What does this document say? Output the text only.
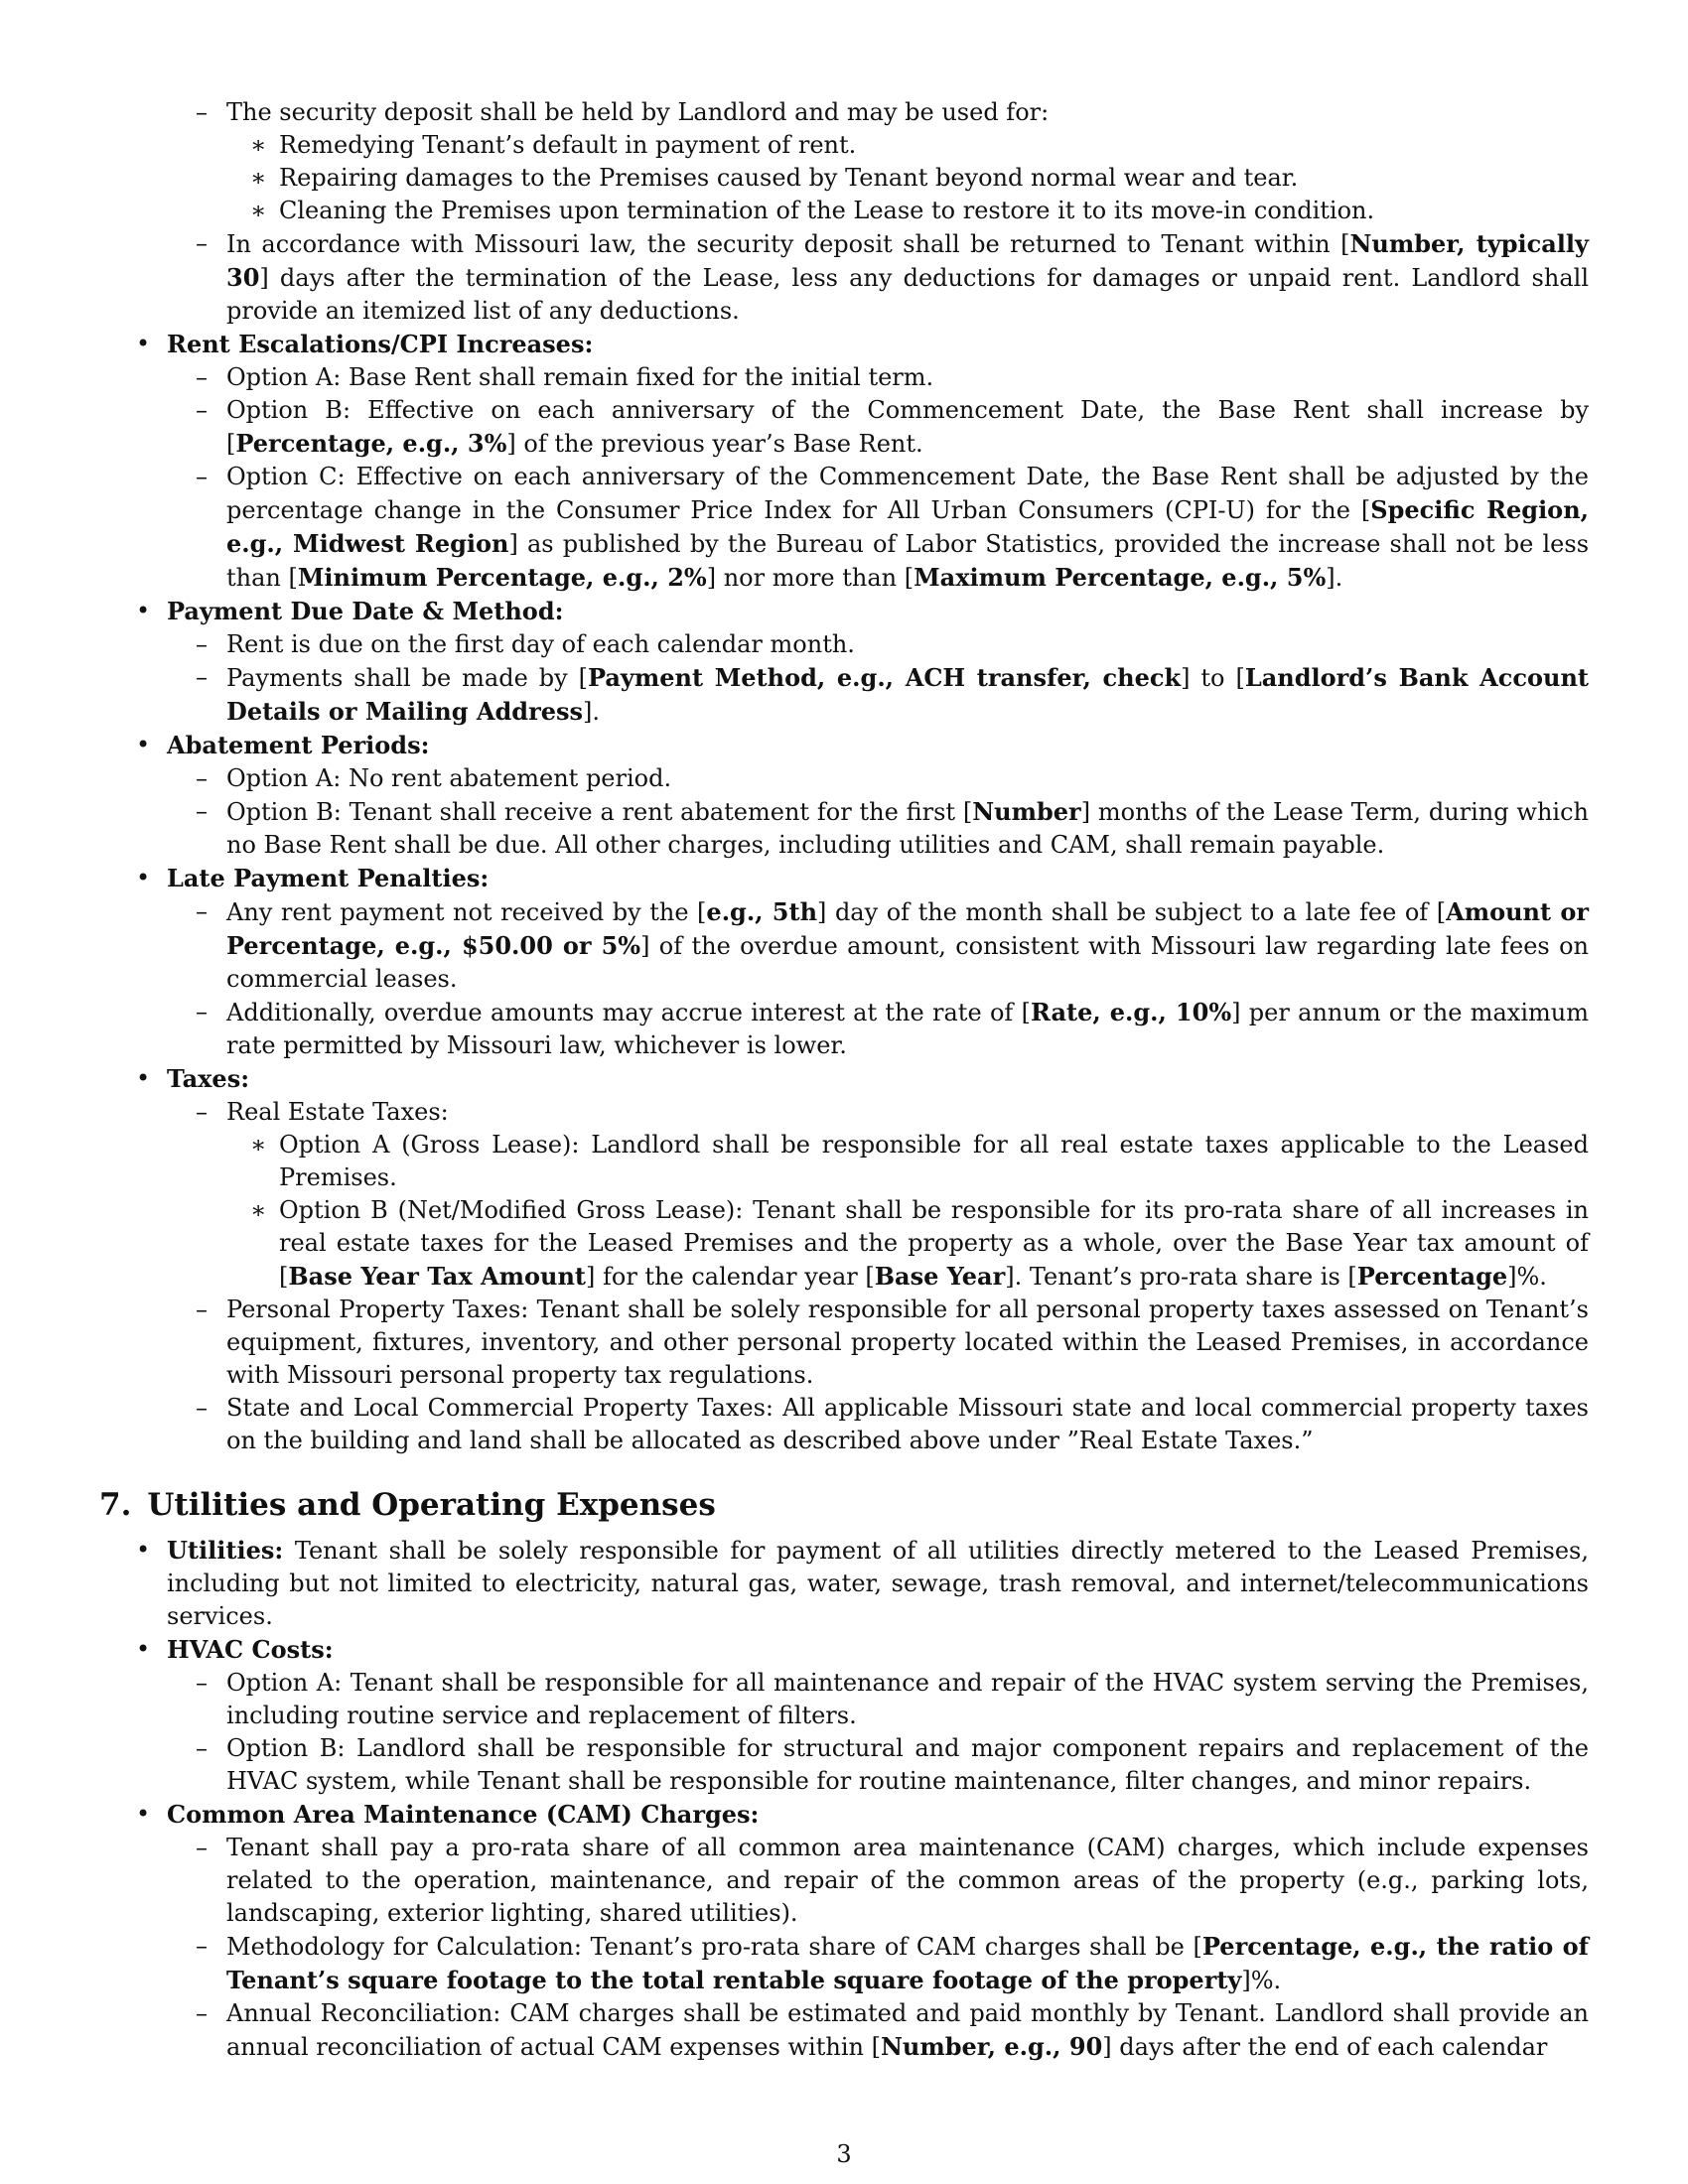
– The security deposit shall be held by Landlord and may be used for:
∗ Remedying Tenant’s default in payment of rent.
∗ Repairing damages to the Premises caused by Tenant beyond normal wear and tear.
∗ Cleaning the Premises upon termination of the Lease to restore it to its move-in condition.
– In accordance with Missouri law, the security deposit shall be returned to Tenant within [Number, typically 30] days after the termination of the Lease, less any deductions for damages or unpaid rent. Landlord shall provide an itemized list of any deductions.
• Rent Escalations/CPI Increases:
– Option A: Base Rent shall remain fixed for the initial term.
– Option B: Effective on each anniversary of the Commencement Date, the Base Rent shall increase by [Percentage, e.g., 3%] of the previous year’s Base Rent.
– Option C: Effective on each anniversary of the Commencement Date, the Base Rent shall be adjusted by the percentage change in the Consumer Price Index for All Urban Consumers (CPI-U) for the [Specific Region, e.g., Midwest Region] as published by the Bureau of Labor Statistics, provided the increase shall not be less than [Minimum Percentage, e.g., 2%] nor more than [Maximum Percentage, e.g., 5%].
• Payment Due Date & Method:
– Rent is due on the first day of each calendar month.
– Payments shall be made by [Payment Method, e.g., ACH transfer, check] to [Landlord’s Bank Account Details or Mailing Address].
• Abatement Periods:
– Option A: No rent abatement period.
– Option B: Tenant shall receive a rent abatement for the first [Number] months of the Lease Term, during which no Base Rent shall be due. All other charges, including utilities and CAM, shall remain payable.
• Late Payment Penalties:
– Any rent payment not received by the [e.g., 5th] day of the month shall be subject to a late fee of [Amount or Percentage, e.g., $50.00 or 5%] of the overdue amount, consistent with Missouri law regarding late fees on commercial leases.
– Additionally, overdue amounts may accrue interest at the rate of [Rate, e.g., 10%] per annum or the maximum rate permitted by Missouri law, whichever is lower.
• Taxes:
– Real Estate Taxes:
∗ Option A (Gross Lease): Landlord shall be responsible for all real estate taxes applicable to the Leased Premises.
∗ Option B (Net/Modified Gross Lease): Tenant shall be responsible for its pro-rata share of all increases in real estate taxes for the Leased Premises and the property as a whole, over the Base Year tax amount of [Base Year Tax Amount] for the calendar year [Base Year]. Tenant’s pro-rata share is [Percentage]%.
– Personal Property Taxes: Tenant shall be solely responsible for all personal property taxes assessed on Tenant’s equipment, fixtures, inventory, and other personal property located within the Leased Premises, in accordance with Missouri personal property tax regulations.
– State and Local Commercial Property Taxes: All applicable Missouri state and local commercial property taxes on the building and land shall be allocated as described above under ”Real Estate Taxes.”
7. Utilities and Operating Expenses
• Utilities: Tenant shall be solely responsible for payment of all utilities directly metered to the Leased Premises, including but not limited to electricity, natural gas, water, sewage, trash removal, and internet/telecommunications services.
• HVAC Costs:
– Option A: Tenant shall be responsible for all maintenance and repair of the HVAC system serving the Premises, including routine service and replacement of filters.
– Option B: Landlord shall be responsible for structural and major component repairs and replacement of the HVAC system, while Tenant shall be responsible for routine maintenance, filter changes, and minor repairs.
• Common Area Maintenance (CAM) Charges:
– Tenant shall pay a pro-rata share of all common area maintenance (CAM) charges, which include expenses related to the operation, maintenance, and repair of the common areas of the property (e.g., parking lots, landscaping, exterior lighting, shared utilities).
– Methodology for Calculation: Tenant’s pro-rata share of CAM charges shall be [Percentage, e.g., the ratio of Tenant’s square footage to the total rentable square footage of the property]%.
– Annual Reconciliation: CAM charges shall be estimated and paid monthly by Tenant. Landlord shall provide an annual reconciliation of actual CAM expenses within [Number, e.g., 90] days after the end of each calendar
3
